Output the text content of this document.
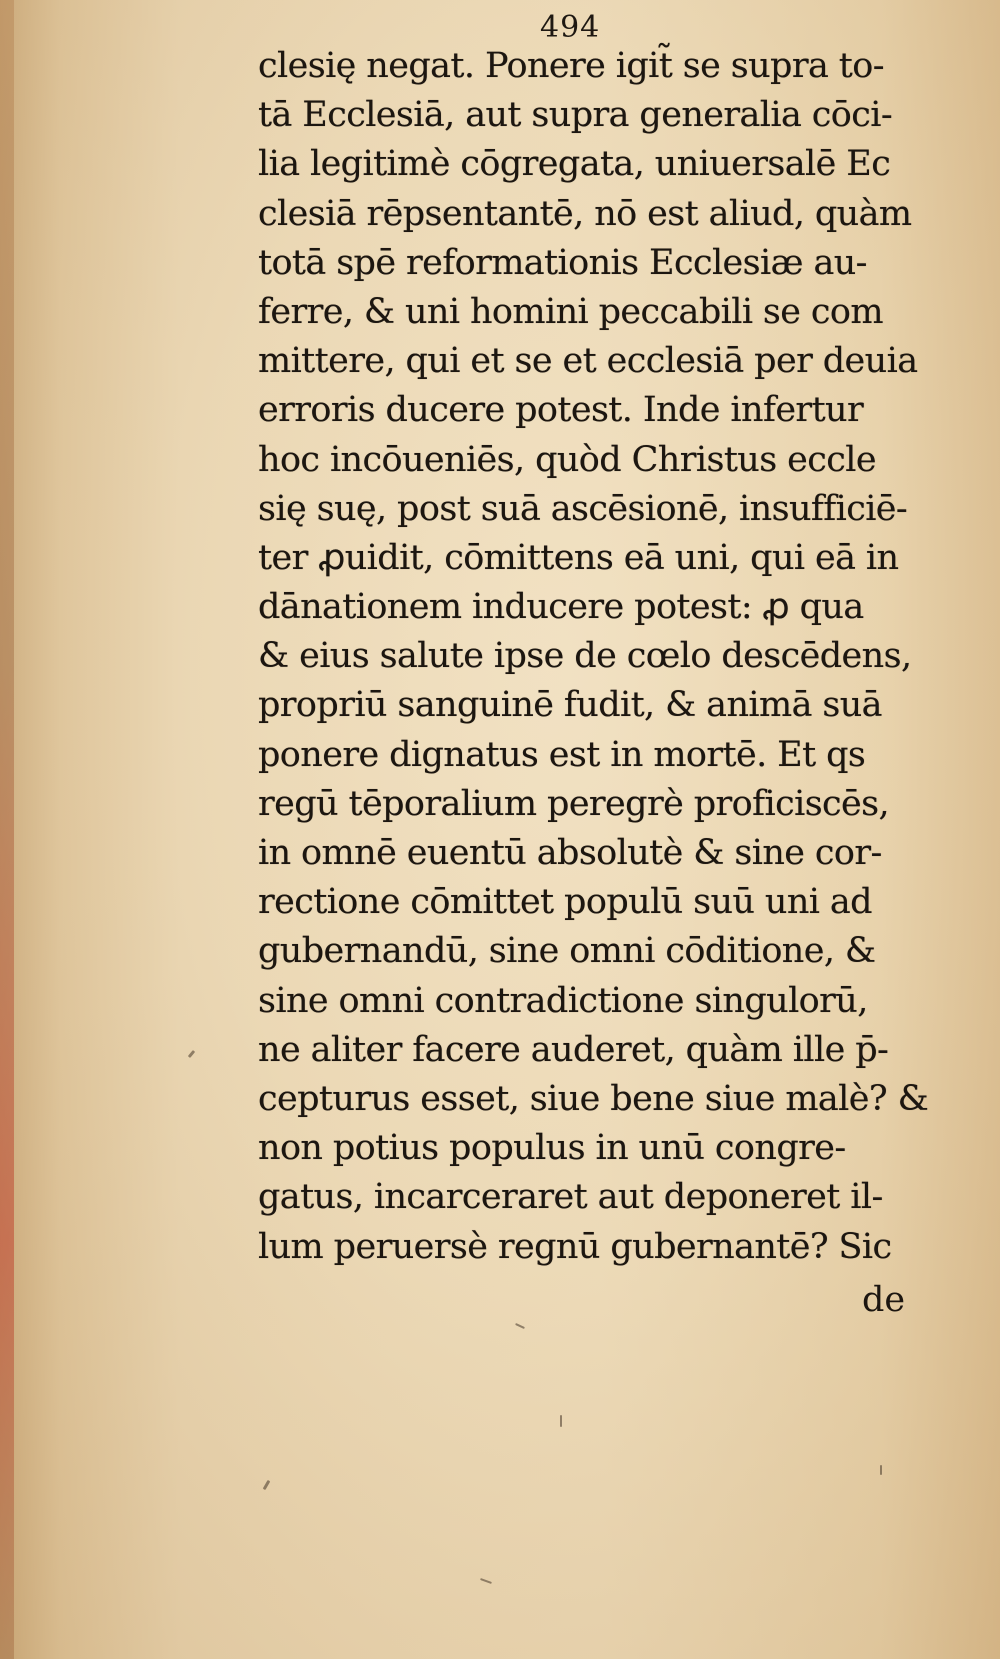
494
clesię negat. Ponere igit̃ se supra to-
tā Ecclesiā, aut supra generalia cōci-
lia legitimè cōgregata, uniuersalē Ec
clesiā rēpsentantē, nō est aliud, quàm
totā spē reformationis Ecclesiæ au-
ferre, & uni homini peccabili se com
mittere, qui et se et ecclesiā per deuia
erroris ducere potest. Inde infertur
hoc incōueniēs, quòd Christus eccle
się suę, post suā ascēsionē, insufficiē-
ter ꝓuidit, cōmittens eā uni, qui eā in
dānationem inducere potest: ꝓ qua
& eius salute ipse de cœlo descēdens,
propriū sanguinē fudit, & animā suā
ponere dignatus est in mortē. Et qs
regū tēporalium peregrè proficiscēs,
in omnē euentū absolutè & sine cor-
rectione cōmittet populū suū uni ad
gubernandū, sine omni cōditione, &
sine omni contradictione singulorū,
ne aliter facere auderet, quàm ille p̄-
cepturus esset, siue bene siue malè? &
non potius populus in unū congre-
gatus, incarceraret aut deponeret il-
lum peruersè regnū gubernantē? Sic
de
